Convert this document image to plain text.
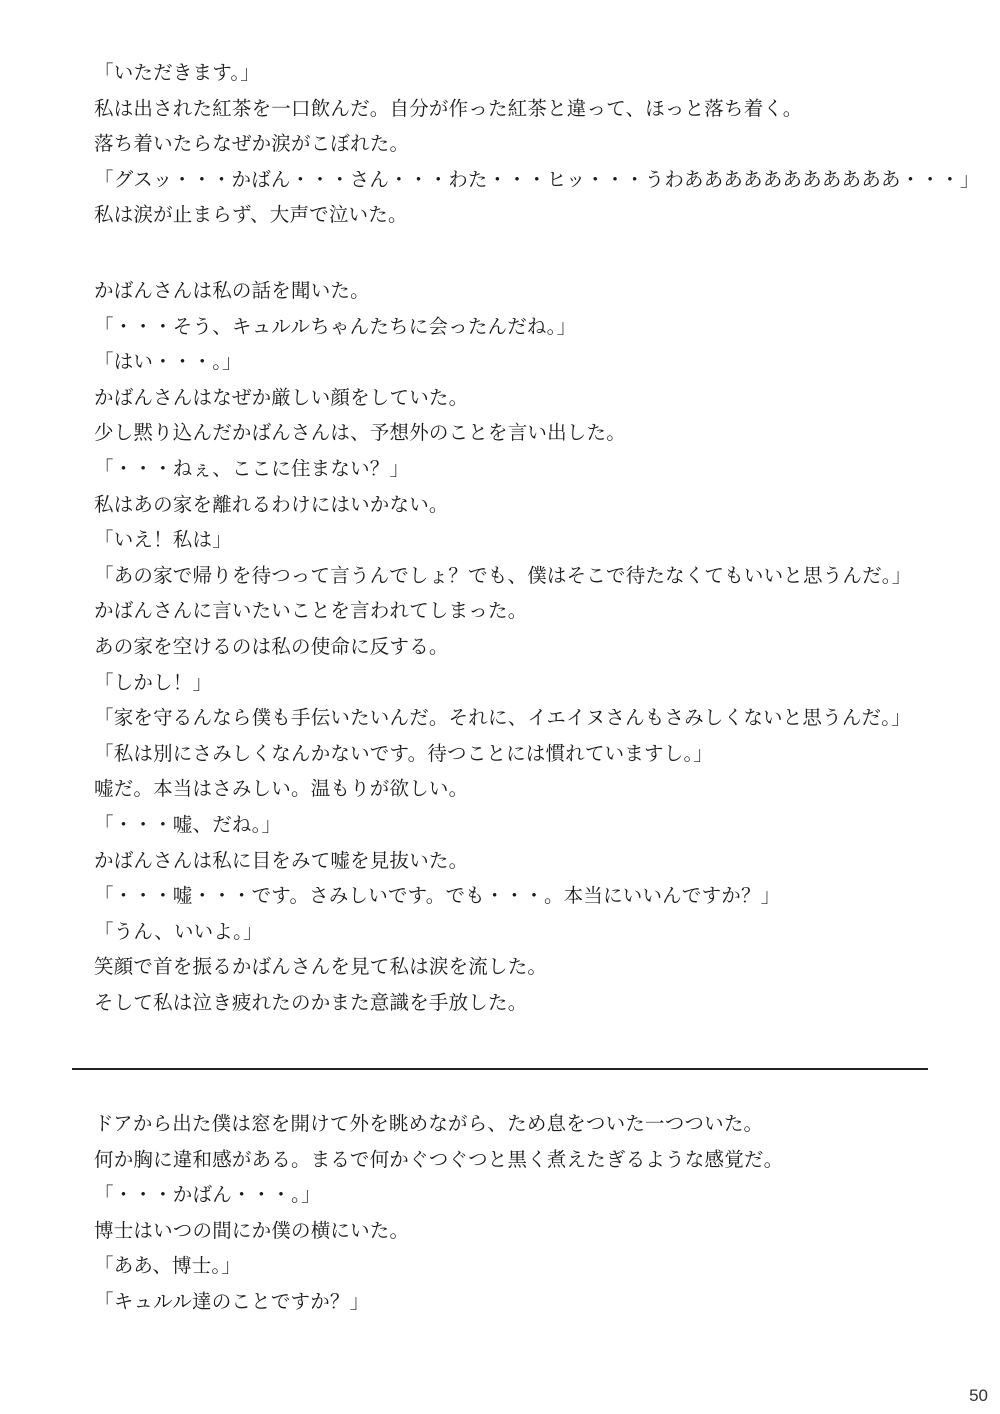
「いただきます。」
私は出された紅茶を一口飲んだ。自分が作った紅茶と違って、ほっと落ち着く。
落ち着いたらなぜか涙がこぼれた。
「グスッ・・・かばん・・・さん・・・わた・・・ヒッ・・・うわあああああああああああ・・・」
私は涙が止まらず、大声で泣いた。
かばんさんは私の話を聞いた。
「・・・そう、キュルルちゃんたちに会ったんだね。」
「はい・・・。」
かばんさんはなぜか厳しい顔をしていた。
少し黙り込んだかばんさんは、予想外のことを言い出した。
「・・・ねぇ、ここに住まない？」
私はあの家を離れるわけにはいかない。
「いえ！私は」
「あの家で帰りを待つって言うんでしょ？でも、僕はそこで待たなくてもいいと思うんだ。」
かばんさんに言いたいことを言われてしまった。
あの家を空けるのは私の使命に反する。
「しかし！」
「家を守るんなら僕も手伝いたいんだ。それに、イエイヌさんもさみしくないと思うんだ。」
「私は別にさみしくなんかないです。待つことには慣れていますし。」
嘘だ。本当はさみしい。温もりが欲しい。
「・・・嘘、だね。」
かばんさんは私に目をみて嘘を見抜いた。
「・・・嘘・・・です。さみしいです。でも・・・。本当にいいんですか？」
「うん、いいよ。」
笑顔で首を振るかばんさんを見て私は涙を流した。
そして私は泣き疲れたのかまた意識を手放した。
ドアから出た僕は窓を開けて外を眺めながら、ため息をついた一つついた。
何か胸に違和感がある。まるで何かぐつぐつと黒く煮えたぎるような感覚だ。
「・・・かばん・・・。」
博士はいつの間にか僕の横にいた。
「ああ、博士。」
「キュルル達のことですか？」
50
